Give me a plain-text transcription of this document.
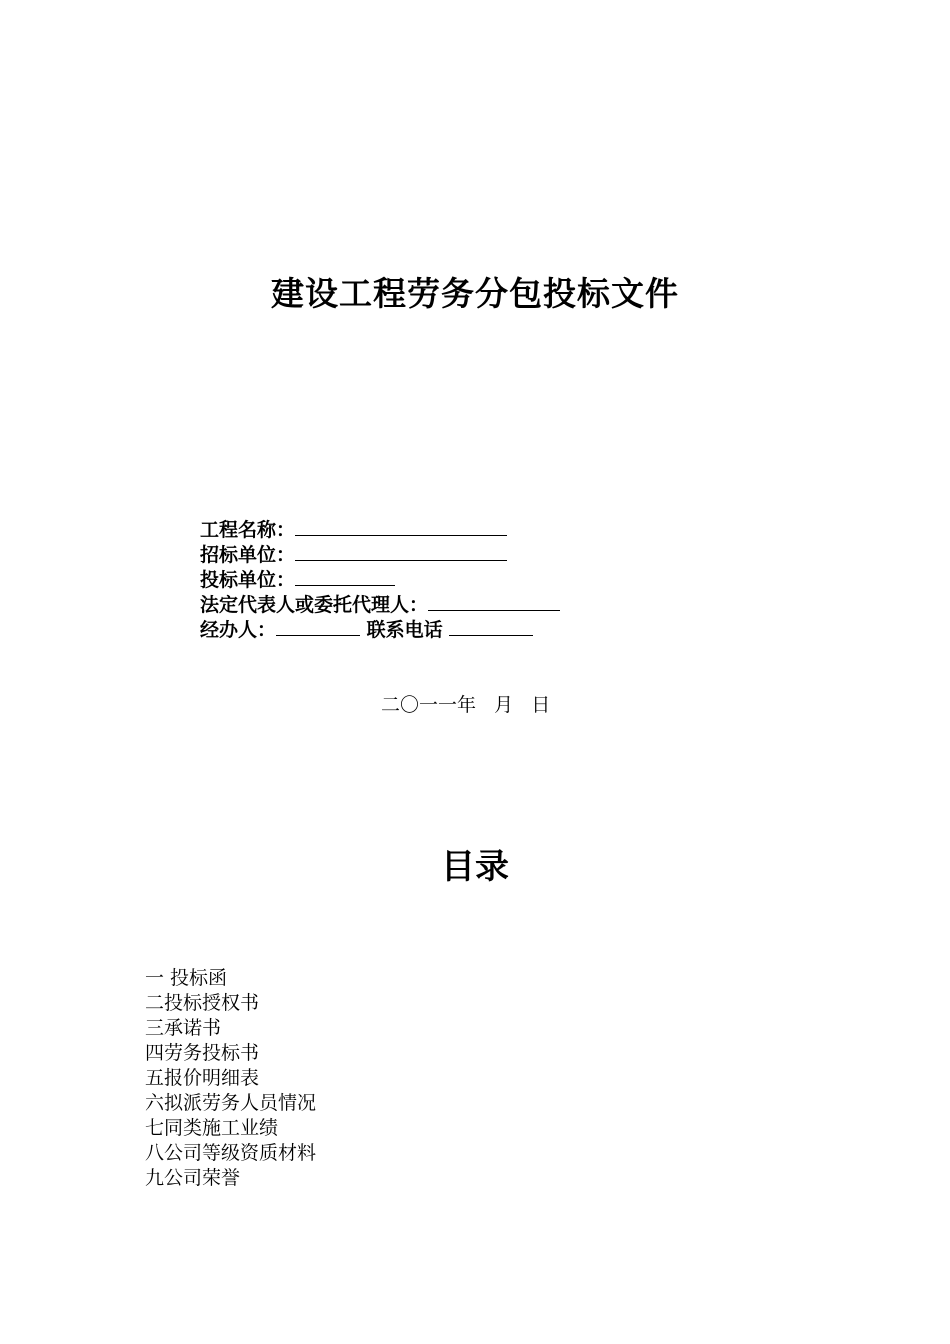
建设工程劳务分包投标文件
工程名称：
招标单位：
投标单位：
法定代表人或委托代理人：
经办人：	联系电话
二〇一一年   月   日
目录
一 投标函
二投标授权书
三承诺书
四劳务投标书
五报价明细表
六拟派劳务人员情况
七同类施工业绩
八公司等级资质材料
九公司荣誉
